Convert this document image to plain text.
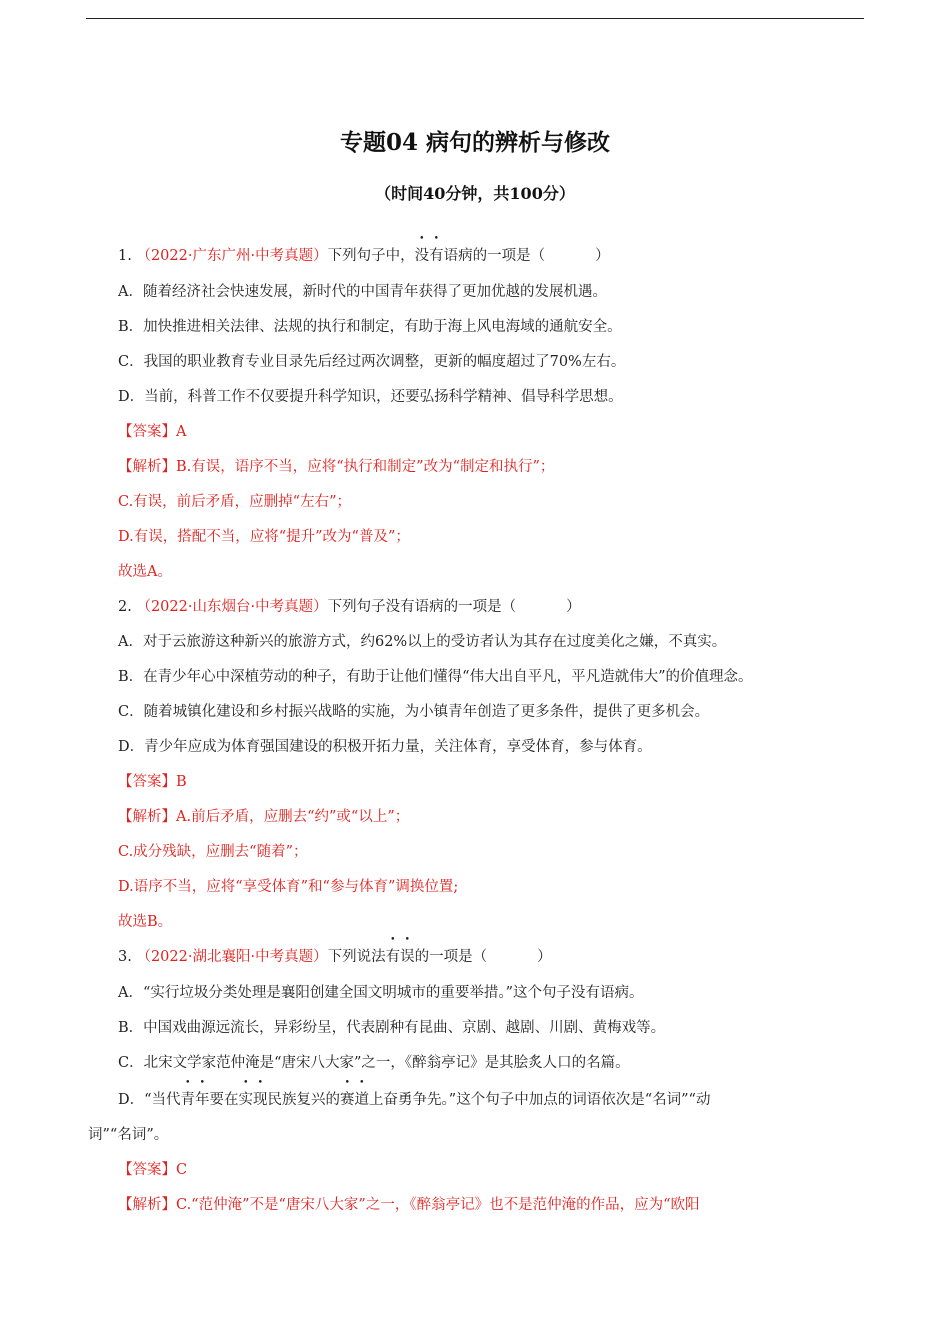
专题04 病句的辨析与修改
（时间40分钟，共100分）
1. （2022·广东广州·中考真题）下列句子中，没有语病的一项是（	）
A．随着经济社会快速发展，新时代的中国青年获得了更加优越的发展机遇。
B．加快推进相关法律、法规的执行和制定，有助于海上风电海域的通航安全。
C．我国的职业教育专业目录先后经过两次调整，更新的幅度超过了70%左右。
D．当前，科普工作不仅要提升科学知识，还要弘扬科学精神、倡导科学思想。
【答案】A
【解析】B.有误，语序不当，应将“执行和制定”改为“制定和执行”；
C.有误，前后矛盾，应删掉“左右”；
D.有误，搭配不当，应将“提升”改为“普及”；
故选A。
2. （2022·山东烟台·中考真题）下列句子没有语病的一项是（	）
A．对于云旅游这种新兴的旅游方式，约62%以上的受访者认为其存在过度美化之嫌，不真实。
B．在青少年心中深植劳动的种子，有助于让他们懂得“伟大出自平凡，平凡造就伟大”的价值理念。
C．随着城镇化建设和乡村振兴战略的实施，为小镇青年创造了更多条件，提供了更多机会。
D．青少年应成为体育强国建设的积极开拓力量，关注体育，享受体育，参与体育。
【答案】B
【解析】A.前后矛盾，应删去“约”或“以上”；
C.成分残缺，应删去“随着”；
D.语序不当，应将“享受体育”和“参与体育”调换位置;
故选B。
3. （2022·湖北襄阳·中考真题）下列说法有误的一项是（	）
A．“实行垃圾分类处理是襄阳创建全国文明城市的重要举措。”这个句子没有语病。
B．中国戏曲源远流长，异彩纷呈，代表剧种有昆曲、京剧、越剧、川剧、黄梅戏等。
C．北宋文学家范仲淹是“唐宋八大家”之一，《醉翁亭记》是其脍炙人口的名篇。
D．“当代青年要在实现民族复兴的赛道上奋勇争先。”这个句子中加点的词语依次是“名词”“动
词”“名词”。
【答案】C
【解析】C.“范仲淹”不是“唐宋八大家”之一，《醉翁亭记》也不是范仲淹的作品，应为“欧阳
